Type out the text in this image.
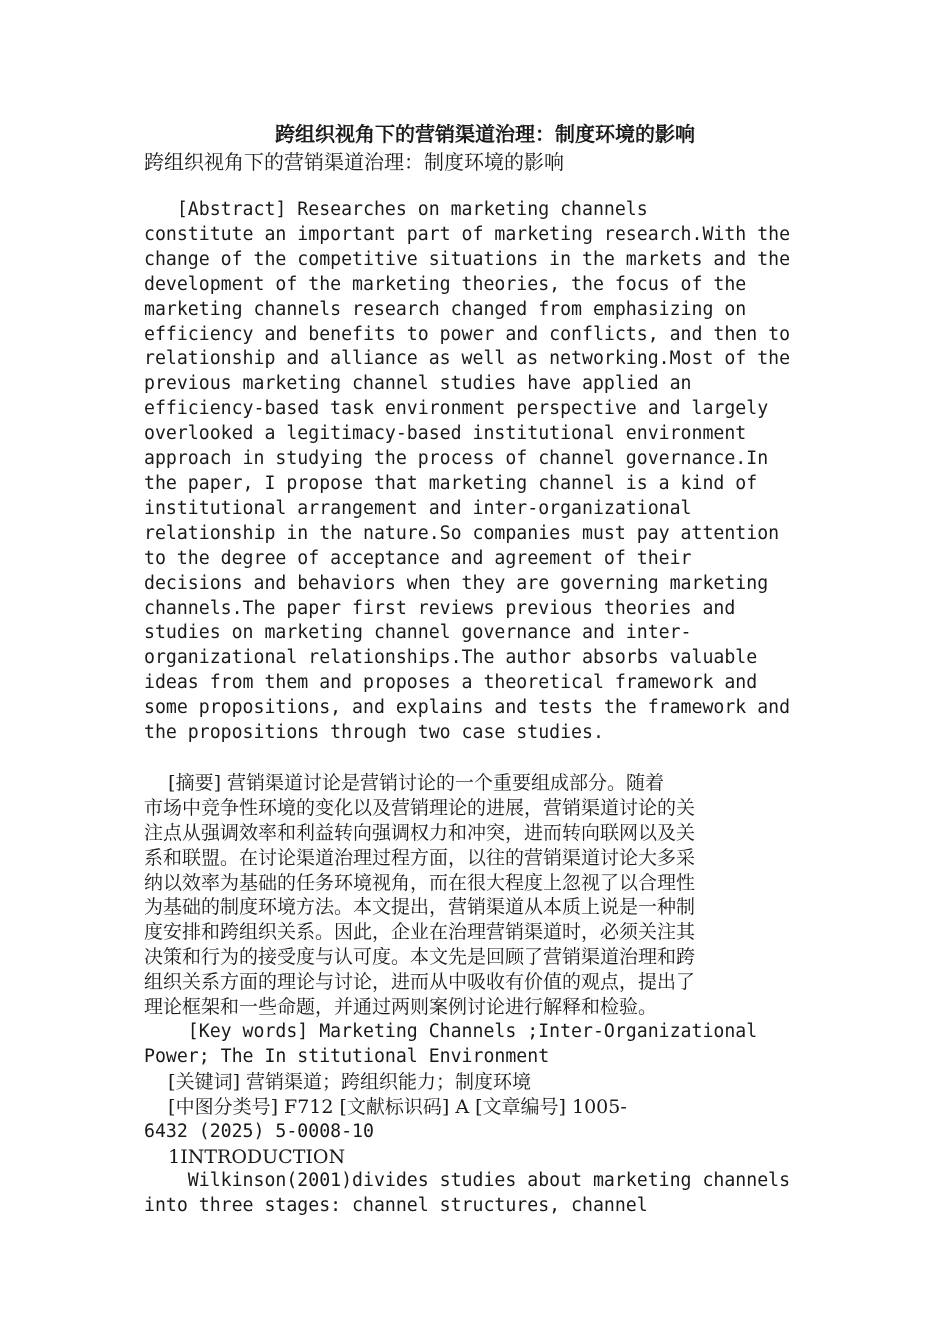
跨组织视角下的营销渠道治理：制度环境的影响
跨组织视角下的营销渠道治理：制度环境的影响
[Abstract] Researches on marketing channels
constitute an important part of marketing research.With the
change of the competitive situations in the markets and the
development of the marketing theories, the focus of the
marketing channels research changed from emphasizing on
efficiency and benefits to power and conflicts, and then to
relationship and alliance as well as networking.Most of the
previous marketing channel studies have applied an
efficiency-based task environment perspective and largely
overlooked a legitimacy-based institutional environment
approach in studying the process of channel governance.In
the paper, I propose that marketing channel is a kind of
institutional arrangement and inter-organizational
relationship in the nature.So companies must pay attention
to the degree of acceptance and agreement of their
decisions and behaviors when they are governing marketing
channels.The paper first reviews previous theories and
studies on marketing channel governance and inter-
organizational relationships.The author absorbs valuable
ideas from them and proposes a theoretical framework and
some propositions, and explains and tests the framework and
the propositions through two case studies.
[摘要] 营销渠道讨论是营销讨论的一个重要组成部分。随着
市场中竞争性环境的变化以及营销理论的进展，营销渠道讨论的关
注点从强调效率和利益转向强调权力和冲突，进而转向联网以及关
系和联盟。在讨论渠道治理过程方面，以往的营销渠道讨论大多采
纳以效率为基础的任务环境视角，而在很大程度上忽视了以合理性
为基础的制度环境方法。本文提出，营销渠道从本质上说是一种制
度安排和跨组织关系。因此，企业在治理营销渠道时，必须关注其
决策和行为的接受度与认可度。本文先是回顾了营销渠道治理和跨
组织关系方面的理论与讨论，进而从中吸收有价值的观点，提出了
理论框架和一些命题，并通过两则案例讨论进行解释和检验。
[Key words] Marketing Channels ;Inter-Organizational
Power; The In stitutional Environment
[关键词] 营销渠道；跨组织能力；制度环境
[中图分类号] F712 [文献标识码] A [文章编号] 1005-
6432 (2025) 5-0008-10
1INTRODUCTION
Wilkinson(2001)divides studies about marketing channels
into three stages: channel structures, channel
